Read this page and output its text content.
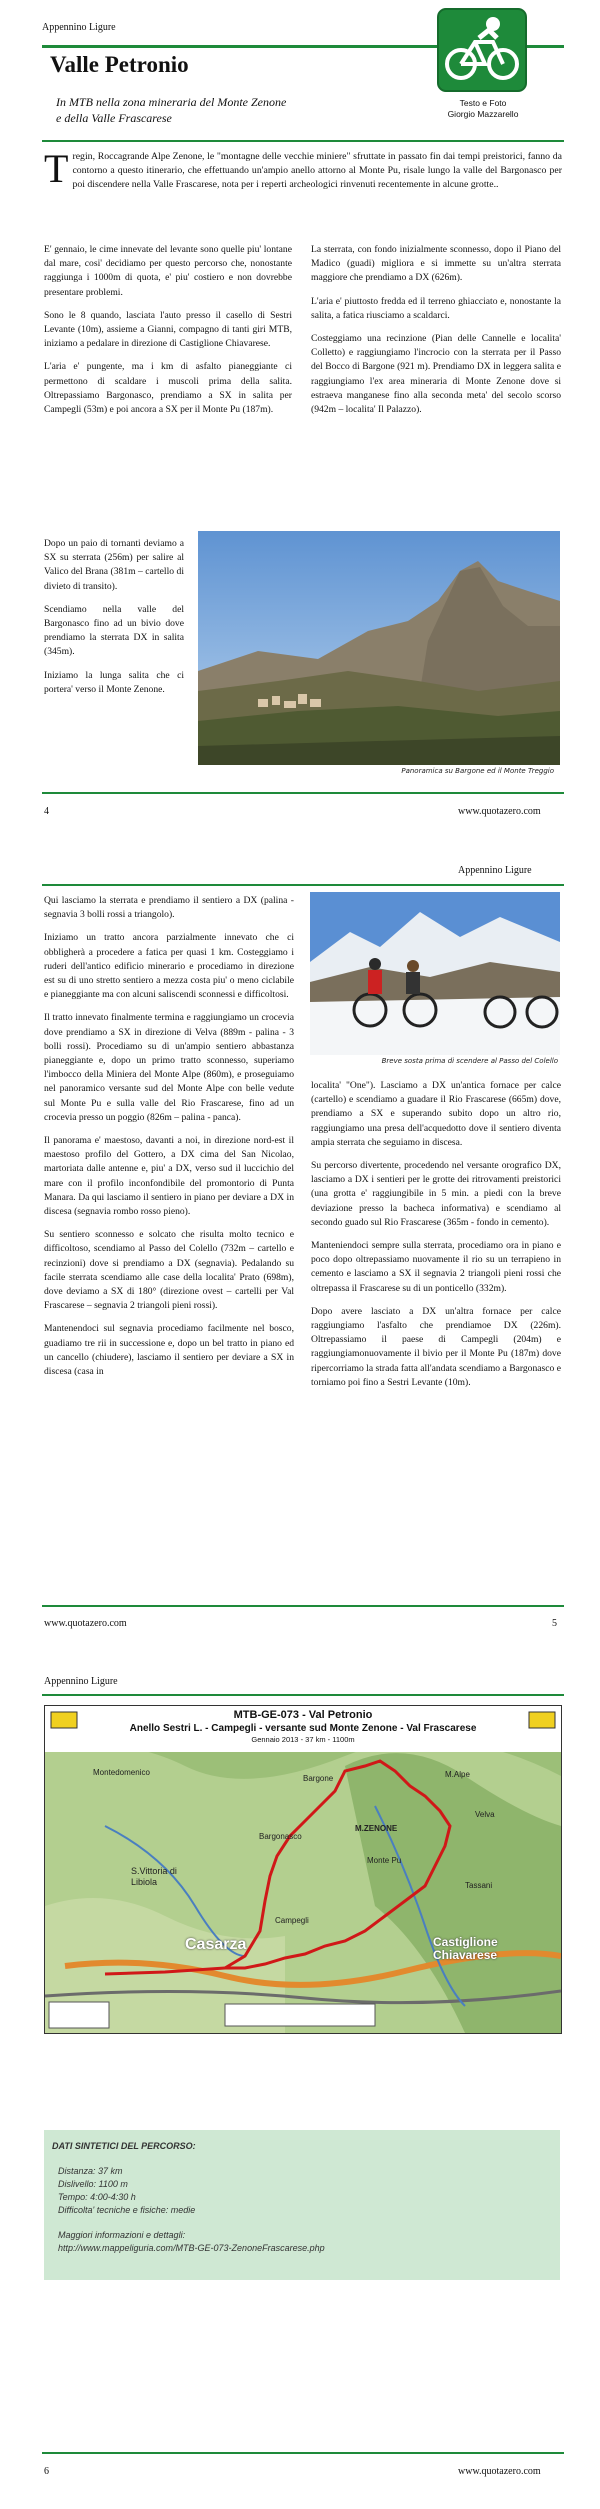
Appennino Ligure
Valle Petronio
In MTB nella zona mineraria del Monte Zenone
e della Valle Frascarese
Testo e Foto
Giorgio Mazzarello
T regin, Roccagrande Alpe Zenone, le "montagne delle vecchie miniere" sfruttate in passato fin dai tempi preistorici, fanno da contorno a questo itinerario, che effettuando un'ampio anello attorno al Monte Pu, risale lungo la valle del Bargonasco per poi discendere nella Valle Frascarese, nota per i reperti archeologici rinvenuti recentemente in alcune grotte..

E' gennaio, le cime innevate del levante sono quelle piu' lontane dal mare, cosi' decidiamo per questo percorso che, nonostante raggiunga i 1000m di quota, e' piu' costiero e non dovrebbe presentare problemi.

Sono le 8 quando, lasciata l'auto presso il casello di Sestri Levante (10m), assieme a Gianni, compagno di tanti giri MTB, iniziamo a pedalare in direzione di Castiglione Chiavarese.

L'aria e' pungente, ma i km di asfalto pianeggiante ci permettono di scaldare i muscoli prima della salita. Oltrepassiamo Bargonasco, prendiamo a SX in salita per Campegli (53m) e poi ancora a SX per il Monte Pu (187m).

La sterrata, con fondo inizialmente sconnesso, dopo il Piano del Madico (guadi) migliora e si immette su un'altra sterrata maggiore che prendiamo a DX (626m).

L'aria e' piuttosto fredda ed il terreno ghiacciato e, nonostante la salita, a fatica riusciamo a scaldarci.

Costeggiamo una recinzione (Pian delle Cannelle e localita' Colletto) e raggiungiamo l'incrocio con la sterrata per il Passo del Bocco di Bargone (921 m). Prendiamo DX in leggera salita e raggiungiamo l'ex area mineraria di Monte Zenone dove si estraeva manganese fino alla seconda meta' del secolo scorso (942m – localita' Il Palazzo).

Dopo un paio di tornanti deviamo a SX su sterrata (256m) per salire al Valico del Brana (381m – cartello di divieto di transito).

Scendiamo nella valle del Bargonasco fino ad un bivio dove prendiamo la sterrata DX in salita (345m).

Iniziamo la lunga salita che ci portera' verso il Monte Zenone.

Panoramica su Bargone ed il Monte Treggio
4	www.quotazero.com
Appennino Ligure

Qui lasciamo la sterrata e prendiamo il sentiero a DX (palina - segnavia 3 bolli rossi a triangolo).

Iniziamo un tratto ancora parzialmente innevato che ci obbligherà a procedere a fatica per quasi 1 km. Costeggiamo i ruderi dell'antico edificio minerario e procediamo in direzione est su di uno stretto sentiero a mezza costa piu' o meno ciclabile e pianeggiante ma con alcuni saliscendi sconnessi e difficoltosi.

Il tratto innevato finalmente termina e raggiungiamo un crocevia dove prendiamo a SX in direzione di Velva (889m - palina - 3 bolli rossi). Procediamo su di un'ampio sentiero abbastanza pianeggiante e, dopo un primo tratto sconnesso, superiamo l'imbocco della Miniera del Monte Alpe (860m), e proseguiamo nel panoramico versante sud del Monte Alpe con belle vedute sul Monte Pu e sulla valle del Rio Frascarese, fino ad un crocevia presso un poggio (826m – palina - panca).

Il panorama e' maestoso, davanti a noi, in direzione nord-est il maestoso profilo del Gottero, a DX cima del San Nicolao, martoriata dalle antenne e, piu' a DX, verso sud il luccichio del mare con il profilo inconfondibile del promontorio di Punta Manara. Da qui lasciamo il sentiero in piano per deviare a DX in discesa (segnavia rombo rosso pieno).

Su sentiero sconnesso e solcato che risulta molto tecnico e difficoltoso, scendiamo al Passo del Colello (732m – cartello e recinzioni) dove si prendiamo a DX (segnavia). Pedalando su facile sterrata scendiamo alle case della localita' Prato (698m), dove deviamo a SX di 180° (direzione ovest – cartelli per Val Frascarese – segnavia 2 triangoli pieni rossi).

Mantenendoci sul segnavia procediamo facilmente nel bosco, guadiamo tre rii in successione e, dopo un bel tratto in piano ed un cancello (chiudere), lasciamo il sentiero per deviare a SX in discesa (casa in

Breve sosta prima di scendere al Passo del Colello

localita' "One"). Lasciamo a DX un'antica fornace per calce (cartello) e scendiamo a guadare il Rio Frascarese (665m) dove, prendiamo a SX e superando subito dopo un altro rio, raggiungiamo una presa dell'acquedotto dove il sentiero diventa ampia sterrata che seguiamo in discesa.

Su percorso divertente, procedendo nel versante orografico DX, lasciamo a DX i sentieri per le grotte dei ritrovamenti preistorici (una grotta e' raggiungibile in 5 min. a piedi con la breve deviazione presso la bacheca informativa) e scendiamo al secondo guado sul Rio Frascarese (365m - fondo in cemento).

Manteniendoci sempre sulla sterrata, procediamo ora in piano e poco dopo oltrepassiamo nuovamente il rio su un terrapieno in cemento e lasciamo a SX il segnavia 2 triangoli pieni rossi che oltrepassa il Frascarese su di un ponticello (332m).

Dopo avere lasciato a DX un'altra fornace per calce raggiungiamo l'asfalto che prendiamoe DX (226m). Oltrepassiamo il paese di Campegli (204m) e raggiungiamonuovamente il bivio per il Monte Pu (187m) dove ripercorriamo la strada fatta all'andata scendiamo a Bargonasco e torniamo poi fino a Sestri Levante (10m).

www.quotazero.com	5
Appennino Ligure
MTB-GE-073 - Val Petronio
Anello Sestri L. - Campegli - versante sud Monte Zenone - Val Frascarese
Gennaio 2013 - 37 km - 1100m
M.ZENONE
Monte Pu
M.Alpe
Casarza	Castiglione Chiavarese
S.Vittoria di Libiola
Bargone
Campegli
Bargonasco
Tassani
Velva
Montedomenico

DATI SINTETICI DEL PERCORSO:

Distanza: 37 km

Dislivello: 1100 m

Tempo: 4:00-4:30 h

Difficolta' tecniche e fisiche: medie

Maggiori informazioni e dettagli:

http://www.mappeliguria.com/MTB-GE-073-ZenoneFrascarese.php

6	www.quotazero.com
